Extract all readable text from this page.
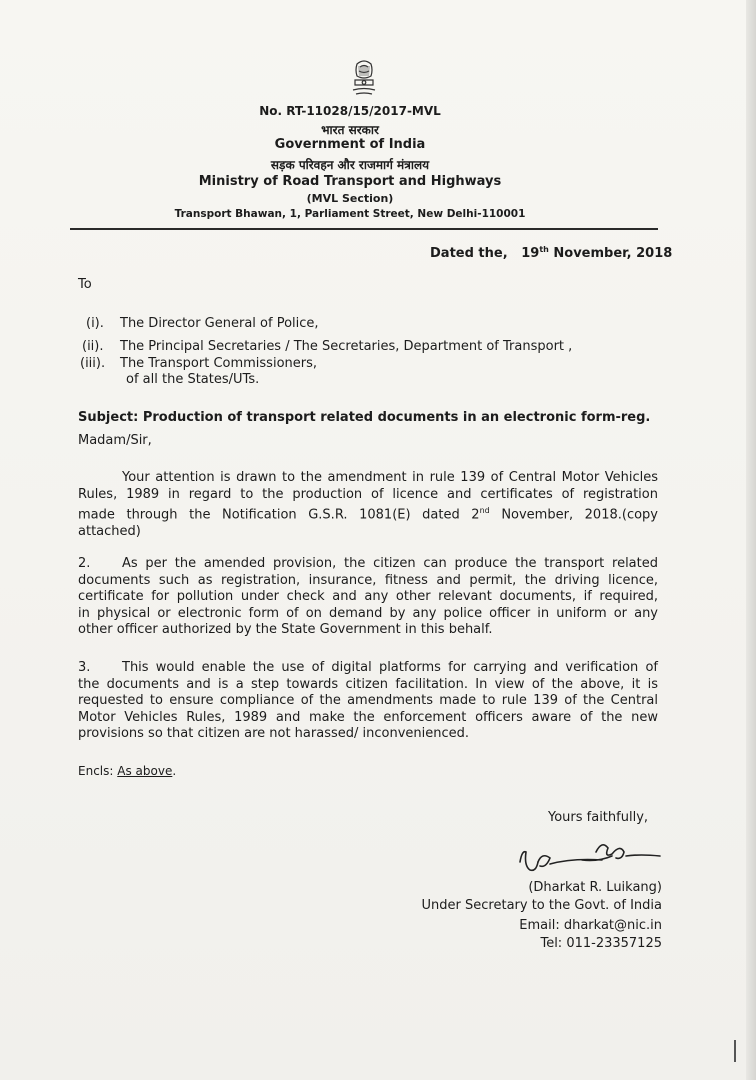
No. RT-11028/15/2017-MVL
भारत सरकार
Government of India
सड़क परिवहन और राजमार्ग मंत्रालय
Ministry of Road Transport and Highways
(MVL Section)
Transport Bhawan, 1, Parliament Street, New Delhi-110001
Dated the, 19th November, 2018
To
(i). The Director General of Police,
(ii). The Principal Secretaries / The Secretaries, Department of Transport ,
(iii). The Transport Commissioners,
of all the States/UTs.
Subject: Production of transport related documents in an electronic form-reg.
Madam/Sir,
Your attention is drawn to the amendment in rule 139 of Central Motor Vehicles
Rules, 1989 in regard to the production of licence and certificates of registration
made through the Notification G.S.R. 1081(E) dated 2nd November, 2018.(copy
attached)
2. As per the amended provision, the citizen can produce the transport related
documents such as registration, insurance, fitness and permit, the driving licence,
certificate for pollution under check and any other relevant documents, if required,
in physical or electronic form of on demand by any police officer in uniform or any
other officer authorized by the State Government in this behalf.
3. This would enable the use of digital platforms for carrying and verification of
the documents and is a step towards citizen facilitation. In view of the above, it is
requested to ensure compliance of the amendments made to rule 139 of the Central
Motor Vehicles Rules, 1989 and make the enforcement officers aware of the new
provisions so that citizen are not harassed/ inconvenienced.
Encls: As above.
Yours faithfully,
(Dharkat R. Luikang)
Under Secretary to the Govt. of India
Email: dharkat@nic.in
Tel: 011-23357125
